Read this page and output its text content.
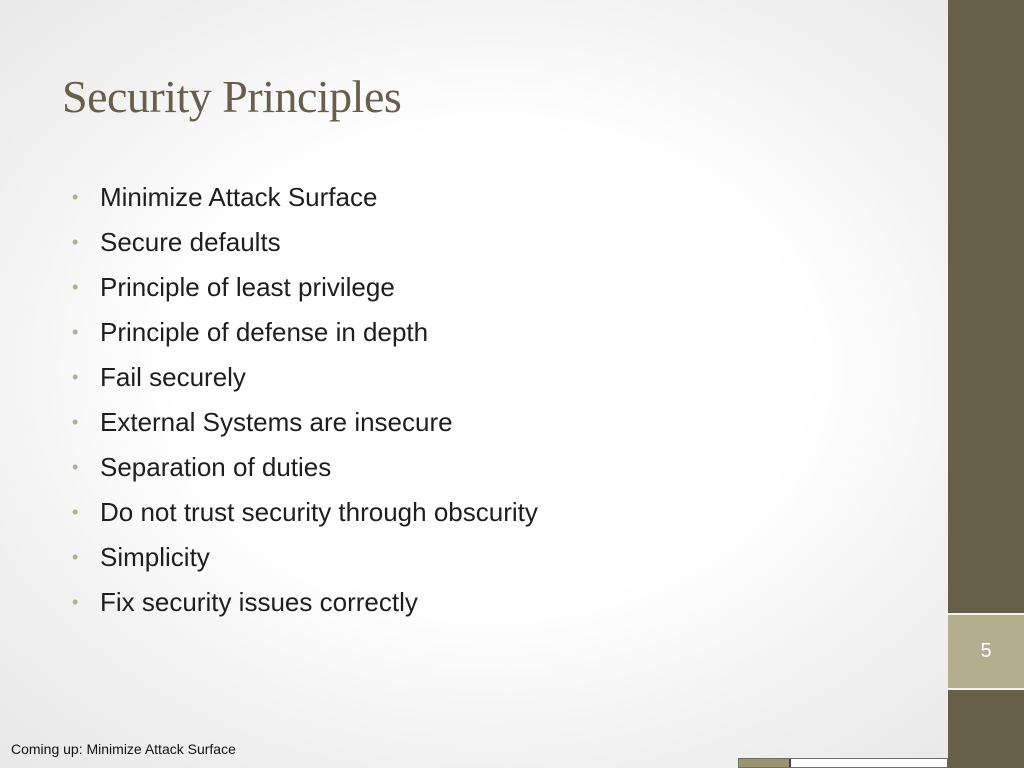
5
Security Principles
• Minimize Attack Surface
• Secure defaults
• Principle of least privilege
• Principle of defense in depth
• Fail securely
• External Systems are insecure
• Separation of duties
• Do not trust security through obscurity
• Simplicity
• Fix security issues correctly
Coming up: Minimize Attack Surface
